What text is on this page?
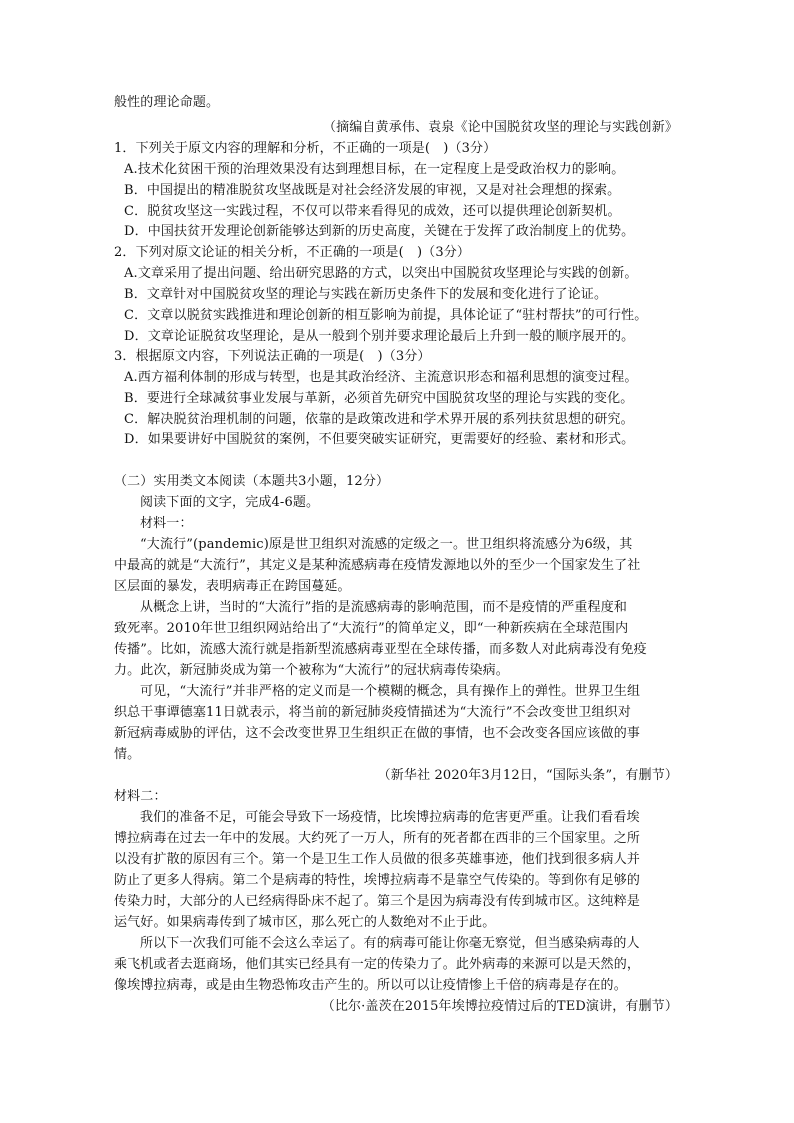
般性的理论命题。
（摘编自黄承伟、袁泉《论中国脱贫攻坚的理论与实践创新》
1．下列关于原文内容的理解和分析，不正确的一项是(　)（3分）
A.技术化贫困干预的治理效果没有达到理想目标，在一定程度上是受政治权力的影响。
B．中国提出的精准脱贫攻坚战既是对社会经济发展的审视，又是对社会理想的探索。
C．脱贫攻坚这一实践过程，不仅可以带来看得见的成效，还可以提供理论创新契机。
D．中国扶贫开发理论创新能够达到新的历史高度，关键在于发挥了政治制度上的优势。
2．下列对原文论证的相关分析，不正确的一项是(　)（3分）
A.文章采用了提出问题、给出研究思路的方式，以突出中国脱贫攻坚理论与实践的创新。
B．文章针对中国脱贫攻坚的理论与实践在新历史条件下的发展和变化进行了论证。
C．文章以脱贫实践推进和理论创新的相互影响为前提，具体论证了“驻村帮扶”的可行性。
D．文章论证脱贫攻坚理论，是从一般到个别并要求理论最后上升到一般的顺序展开的。
3．根据原文内容，下列说法正确的一项是(　)（3分）
A.西方福利体制的形成与转型，也是其政治经济、主流意识形态和福利思想的演变过程。
B．要进行全球减贫事业发展与革新，必须首先研究中国脱贫攻坚的理论与实践的变化。
C．解决脱贫治理机制的问题，依靠的是政策改进和学术界开展的系列扶贫思想的研究。
D．如果要讲好中国脱贫的案例，不但要突破实证研究，更需要好的经验、素材和形式。
（二）实用类文本阅读（本题共3小题，12分）
阅读下面的文字，完成4-6题。
材料一：
“大流行”(pandemic)原是世卫组织对流感的定级之一。世卫组织将流感分为6级，其
中最高的就是“大流行”，其定义是某种流感病毒在疫情发源地以外的至少一个国家发生了社
区层面的暴发，表明病毒正在跨国蔓延。
从概念上讲，当时的“大流行”指的是流感病毒的影响范围，而不是疫情的严重程度和
致死率。2010年世卫组织网站给出了“大流行”的简单定义，即“一种新疾病在全球范围内
传播”。比如，流感大流行就是指新型流感病毒亚型在全球传播，而多数人对此病毒没有免疫
力。此次，新冠肺炎成为第一个被称为“大流行”的冠状病毒传染病。
可见，“大流行”并非严格的定义而是一个模糊的概念，具有操作上的弹性。世界卫生组
织总干事谭德塞11日就表示，将当前的新冠肺炎疫情描述为“大流行”不会改变世卫组织对
新冠病毒威胁的评估，这不会改变世界卫生组织正在做的事情，也不会改变各国应该做的事
情。
（新华社 2020年3月12日，“国际头条”，有删节）
材料二：
我们的准备不足，可能会导致下一场疫情，比埃博拉病毒的危害更严重。让我们看看埃
博拉病毒在过去一年中的发展。大约死了一万人，所有的死者都在西非的三个国家里。之所
以没有扩散的原因有三个。第一个是卫生工作人员做的很多英雄事迹，他们找到很多病人并
防止了更多人得病。第二个是病毒的特性，埃博拉病毒不是靠空气传染的。等到你有足够的
传染力时，大部分的人已经病得卧床不起了。第三个是因为病毒没有传到城市区。这纯粹是
运气好。如果病毒传到了城市区，那么死亡的人数绝对不止于此。
所以下一次我们可能不会这么幸运了。有的病毒可能让你毫无察觉，但当感染病毒的人
乘飞机或者去逛商场，他们其实已经具有一定的传染力了。此外病毒的来源可以是天然的，
像埃博拉病毒，或是由生物恐怖攻击产生的。所以可以让疫情惨上千倍的病毒是存在的。
（比尔·盖茨在2015年埃博拉疫情过后的TED演讲，有删节）
